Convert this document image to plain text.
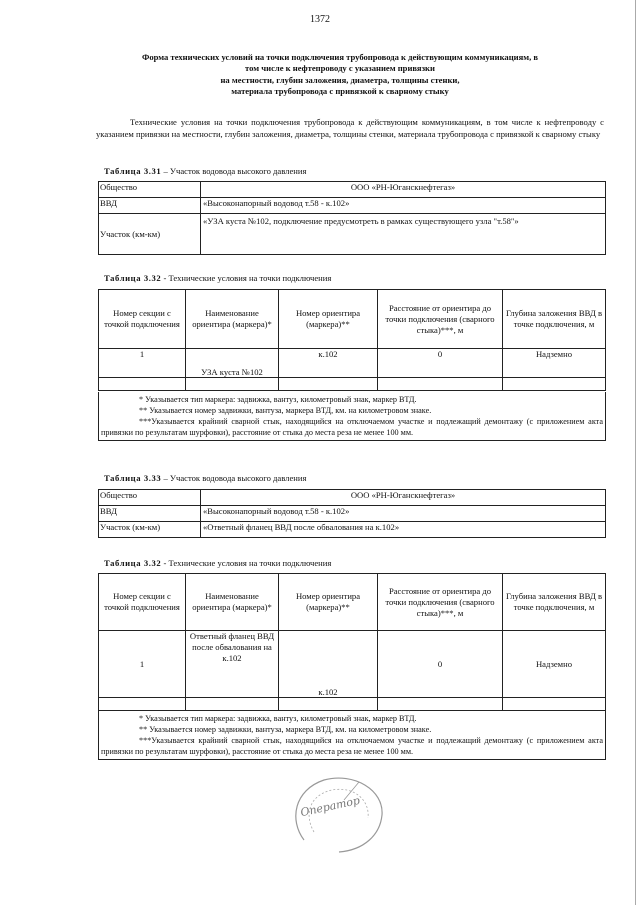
1372
Форма технических условий на точки подключения трубопровода к действующим коммуникациям, в
том числе к нефтепроводу с указанием привязки
на местности, глубин заложения, диаметра, толщины стенки,
материала трубопровода с привязкой к сварному стыку
Технические условия на точки подключения трубопровода к действующим коммуникациям, в том числе к нефтепроводу с указанием привязки на местности, глубин заложения, диаметра, толщины стенки, материала трубопровода с привязкой к сварному стыку
Таблица 3.31 – Участок водовода высокого давления
Общество	ООО «РН-Юганскнефтегаз»
ВВД	«Высоконапорный водовод т.58 - к.102»
Участок (км-км)	«УЗА куста №102, подключение предусмотреть в рамках существующего узла "т.58"»
Таблица 3.32 - Технические условия на точки подключения
Номер секции с точкой подключения	Наименование ориентира (маркера)*	Номер ориентира (маркера)**	Расстояние от ориентира до точки подключения (сварного стыка)***, м	Глубина заложения ВВД в точке подключения, м
1	УЗА куста №102	к.102	0	Надземно

* Указывается тип маркера: задвижка, вантуз, километровый знак, маркер ВТД.

** Указывается номер задвижки, вантуза, маркера ВТД, км. на километровом знаке.

***Указывается крайний сварной стык, находящийся на отключаемом участке и подлежащий демонтажу (с приложением акта привязки по результатам шурфовки), расстояние от стыка до места реза не менее 100 мм.

Таблица 3.33 – Участок водовода высокого давления
Общество	ООО «РН-Юганскнефтегаз»
ВВД	«Высоконапорный водовод т.58 - к.102»
Участок (км-км)	«Ответный фланец ВВД после обвалования на к.102»
Таблица 3.32 - Технические условия на точки подключения
Номер секции с точкой подключения	Наименование ориентира (маркера)*	Номер ориентира (маркера)**	Расстояние от ориентира до точки подключения (сварного стыка)***, м	Глубина заложения ВВД в точке подключения, м
1	Ответный фланец ВВД после обвалования на к.102	к.102	0	Надземно

* Указывается тип маркера: задвижка, вантуз, километровый знак, маркер ВТД.

** Указывается номер задвижки, вантуза, маркера ВТД, км. на километровом знаке.

***Указывается крайний сварной стык, находящийся на отключаемом участке и подлежащий демонтажу (с приложением акта привязки по результатам шурфовки), расстояние от стыка до места реза не менее 100 мм.

Оператор
